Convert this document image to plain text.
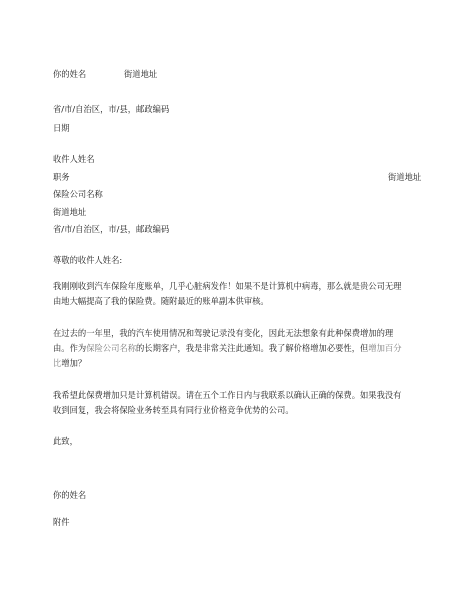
你的姓名	街道地址
省/市/自治区，市/县，邮政编码
日期
收件人姓名
职务	街道地址
保险公司名称
街道地址
省/市/自治区，市/县，邮政编码
尊敬的收件人姓名:
我刚刚收到汽车保险年度账单，几乎心脏病发作！如果不是计算机中病毒，那么就是贵公司无理由地大幅提高了我的保险费。随附最近的账单副本供审核。
在过去的一年里，我的汽车使用情况和驾驶记录没有变化，因此无法想象有此种保费增加的理由。作为保险公司名称的长期客户，我是非常关注此通知。我了解价格增加必要性，但增加百分比增加？
我希望此保费增加只是计算机错误。请在五个工作日内与我联系以确认正确的保费。如果我没有收到回复，我会将保险业务转至具有同行业价格竞争优势的公司。
此致，
你的姓名
附件
